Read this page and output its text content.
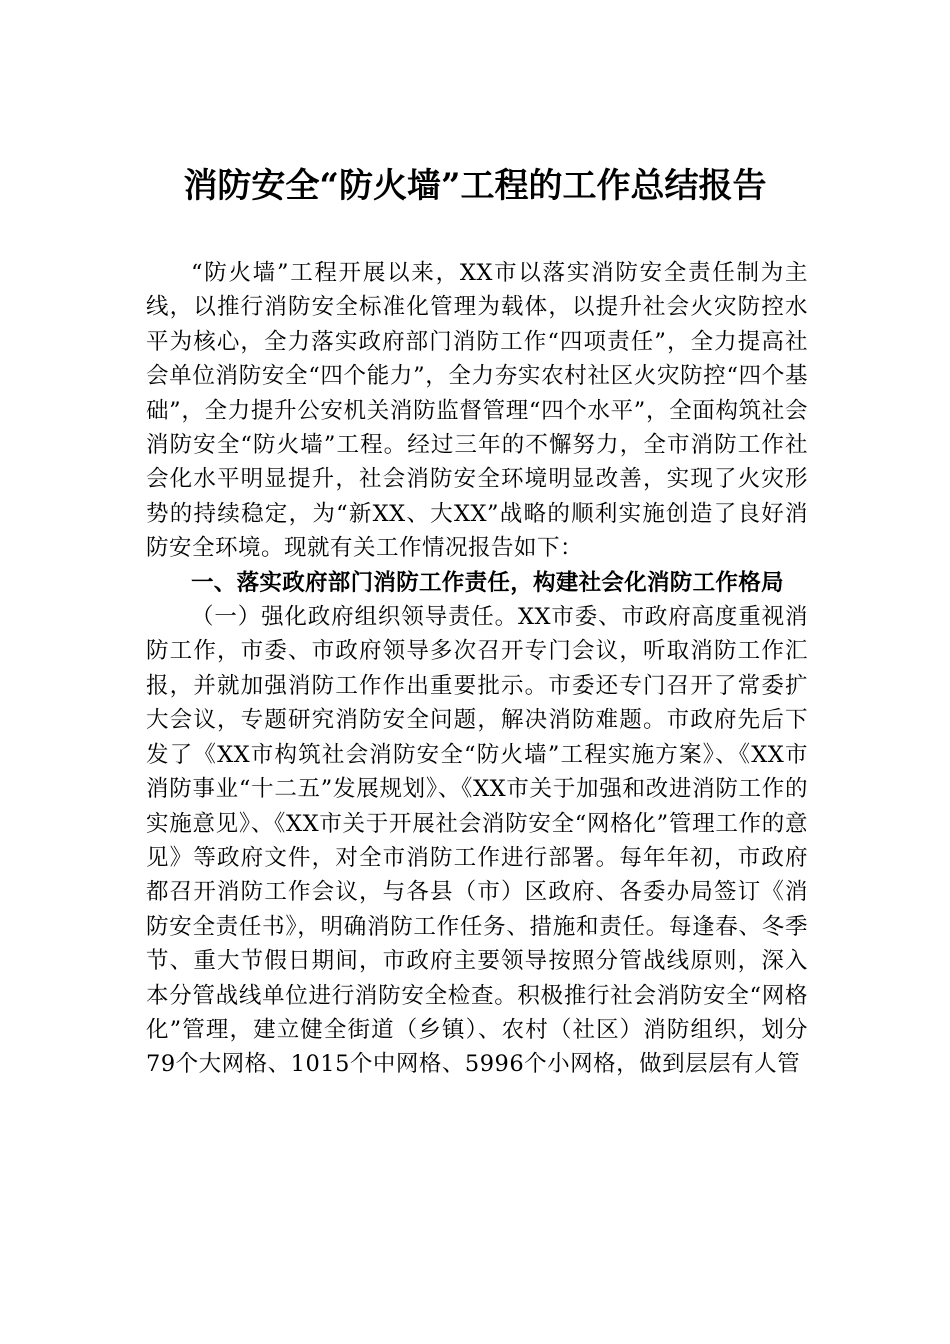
消防安全“防火墙”工程的工作总结报告

“防火墙”工程开展以来，XX市以落实消防安全责任制为主线，以推行消防安全标准化管理为载体，以提升社会火灾防控水平为核心，全力落实政府部门消防工作“四项责任”，全力提高社会单位消防安全“四个能力”，全力夯实农村社区火灾防控“四个基础”，全力提升公安机关消防监督管理“四个水平”，全面构筑社会消防安全“防火墙”工程。经过三年的不懈努力，全市消防工作社会化水平明显提升，社会消防安全环境明显改善，实现了火灾形势的持续稳定，为“新XX、大XX”战略的顺利实施创造了良好消防安全环境。现就有关工作情况报告如下：

一、落实政府部门消防工作责任，构建社会化消防工作格局

（一）强化政府组织领导责任。XX市委、市政府高度重视消防工作，市委、市政府领导多次召开专门会议，听取消防工作汇报，并就加强消防工作作出重要批示。市委还专门召开了常委扩大会议，专题研究消防安全问题，解决消防难题。市政府先后下发了《XX市构筑社会消防安全“防火墙”工程实施方案》、《XX市消防事业“十二五”发展规划》、《XX市关于加强和改进消防工作的实施意见》、《XX市关于开展社会消防安全“网格化”管理工作的意见》等政府文件，对全市消防工作进行部署。每年年初，市政府都召开消防工作会议，与各县（市）区政府、各委办局签订《消防安全责任书》，明确消防工作任务、措施和责任。每逢春、冬季节、重大节假日期间，市政府主要领导按照分管战线原则，深入本分管战线单位进行消防安全检查。积极推行社会消防安全“网格化”管理，建立健全街道（乡镇）、农村（社区）消防组织，划分79个大网格、1015个中网格、5996个小网格，做到层层有人管
